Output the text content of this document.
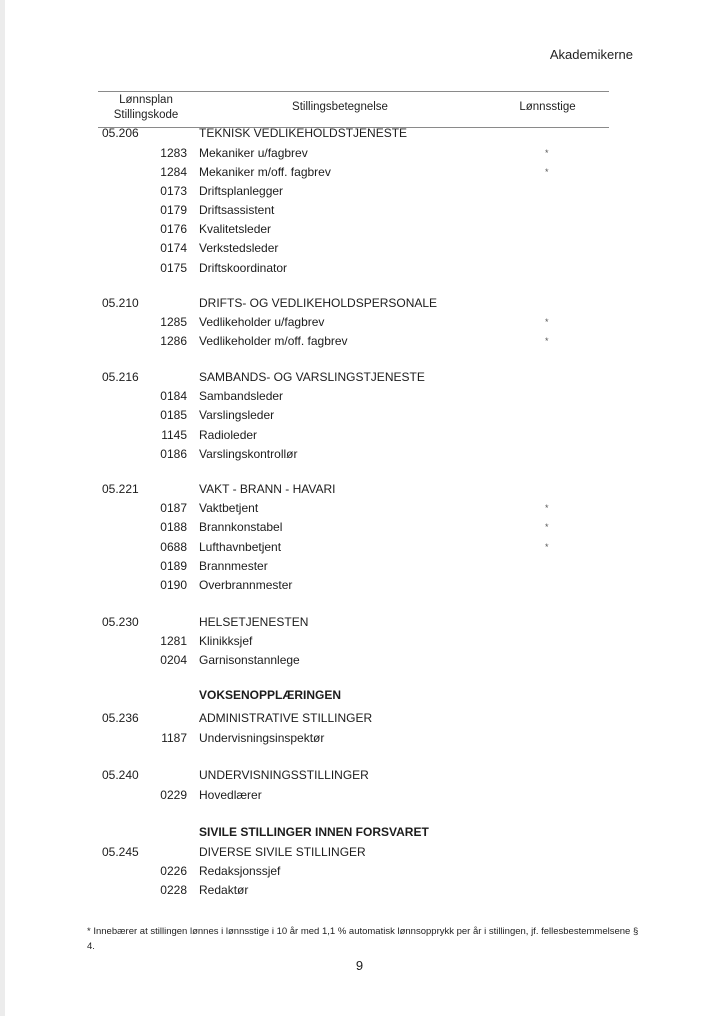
Akademikerne
Lønnsplan
Stillingskode
Stillingsbetegnelse	Lønnsstige
05.206	TEKNISK VEDLIKEHOLDSTJENESTE
1283 Mekaniker u/fagbrev	*
1284 Mekaniker m/off. fagbrev	*
0173 Driftsplanlegger
0179 Driftsassistent
0176 Kvalitetsleder
0174 Verkstedsleder
0175 Driftskoordinator
05.210	DRIFTS- OG VEDLIKEHOLDSPERSONALE
1285 Vedlikeholder u/fagbrev	*
1286 Vedlikeholder m/off. fagbrev	*
05.216	SAMBANDS- OG VARSLINGSTJENESTE
0184 Sambandsleder
0185 Varslingsleder
1145 Radioleder
0186 Varslingskontrollør
05.221	VAKT - BRANN - HAVARI
0187 Vaktbetjent	*
0188 Brannkonstabel	*
0688 Lufthavnbetjent	*
0189 Brannmester
0190 Overbrannmester
05.230	HELSETJENESTEN
1281 Klinikksjef
0204 Garnisonstannlege
VOKSENOPPLÆRINGEN
05.236	ADMINISTRATIVE STILLINGER
1187 Undervisningsinspektør
05.240	UNDERVISNINGSSTILLINGER
0229 Hovedlærer
SIVILE STILLINGER INNEN FORSVARET
05.245	DIVERSE SIVILE STILLINGER
0226 Redaksjonssjef
0228 Redaktør
* Innebærer at stillingen lønnes i lønnsstige i 10 år med 1,1 % automatisk lønnsopprykk per år i stillingen, jf. fellesbestemmelsene § 4.
9
